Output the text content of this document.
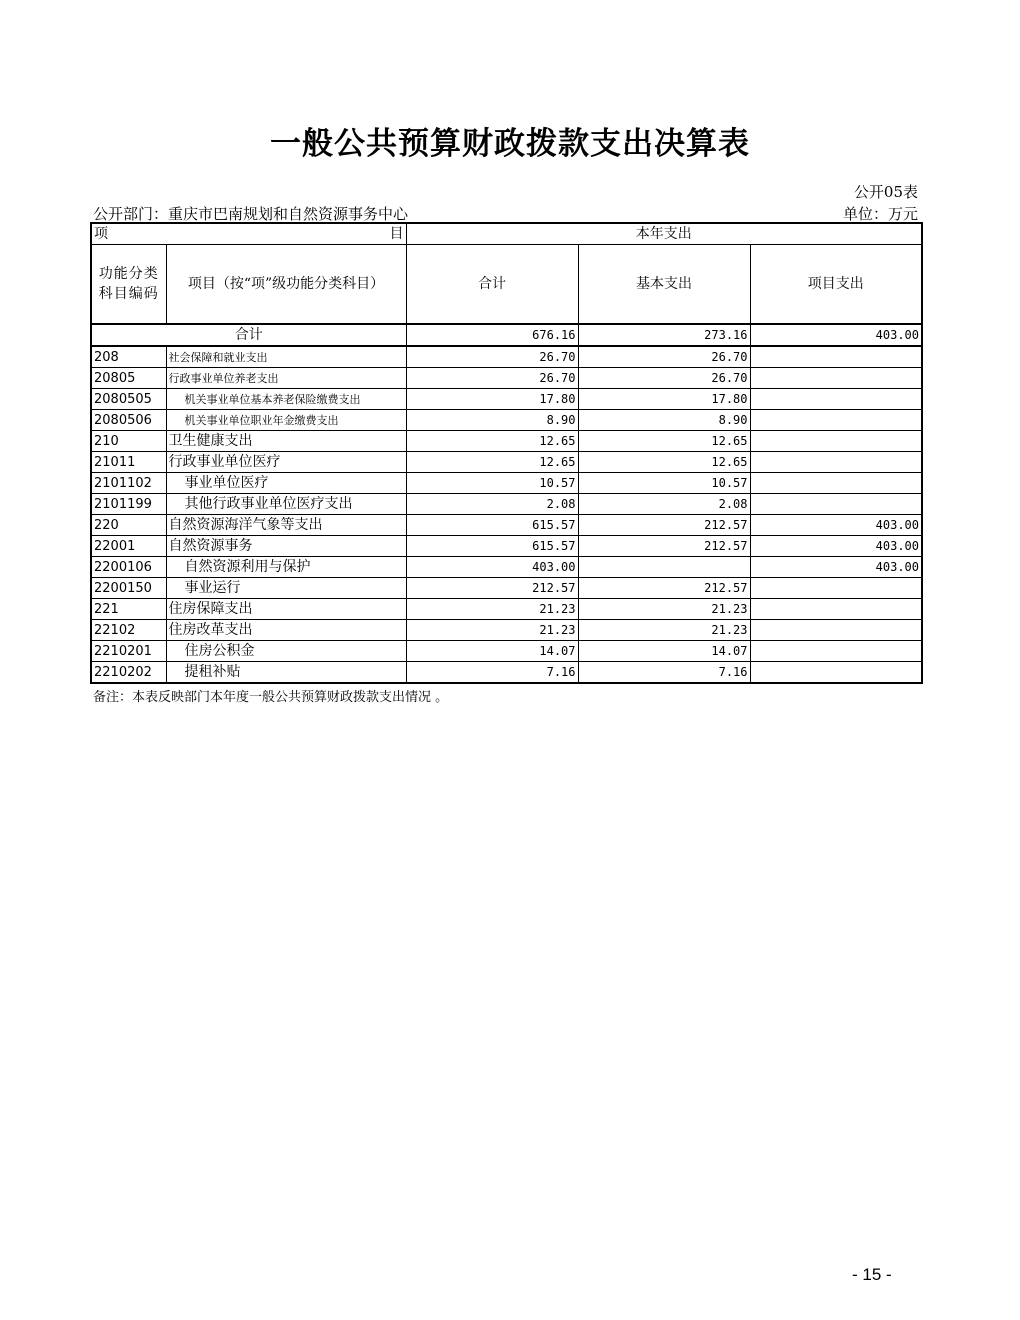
一般公共预算财政拨款支出决算表
公开05表
公开部门：重庆市巴南规划和自然资源事务中心	单位：万元
项 目		本年支出		
功能分类科目编码	项目（按“项”级功能分类科目）	合计	基本支出	项目支出
合计		676.16	273.16	403.00
208	社会保障和就业支出	26.70	26.70	
20805	行政事业单位养老支出	26.70	26.70	
2080505	机关事业单位基本养老保险缴费支出	17.80	17.80	
2080506	机关事业单位职业年金缴费支出	8.90	8.90	
210	卫生健康支出	12.65	12.65	
21011	行政事业单位医疗	12.65	12.65	
2101102	事业单位医疗	10.57	10.57	
2101199	其他行政事业单位医疗支出	2.08	2.08	
220	自然资源海洋气象等支出	615.57	212.57	403.00
22001	自然资源事务	615.57	212.57	403.00
2200106	自然资源利用与保护	403.00		403.00
2200150	事业运行	212.57	212.57	
221	住房保障支出	21.23	21.23	
22102	住房改革支出	21.23	21.23	
2210201	住房公积金	14.07	14.07	
2210202	提租补贴	7.16	7.16	
备注：本表反映部门本年度一般公共预算财政拨款支出情况 。
- 15 -
